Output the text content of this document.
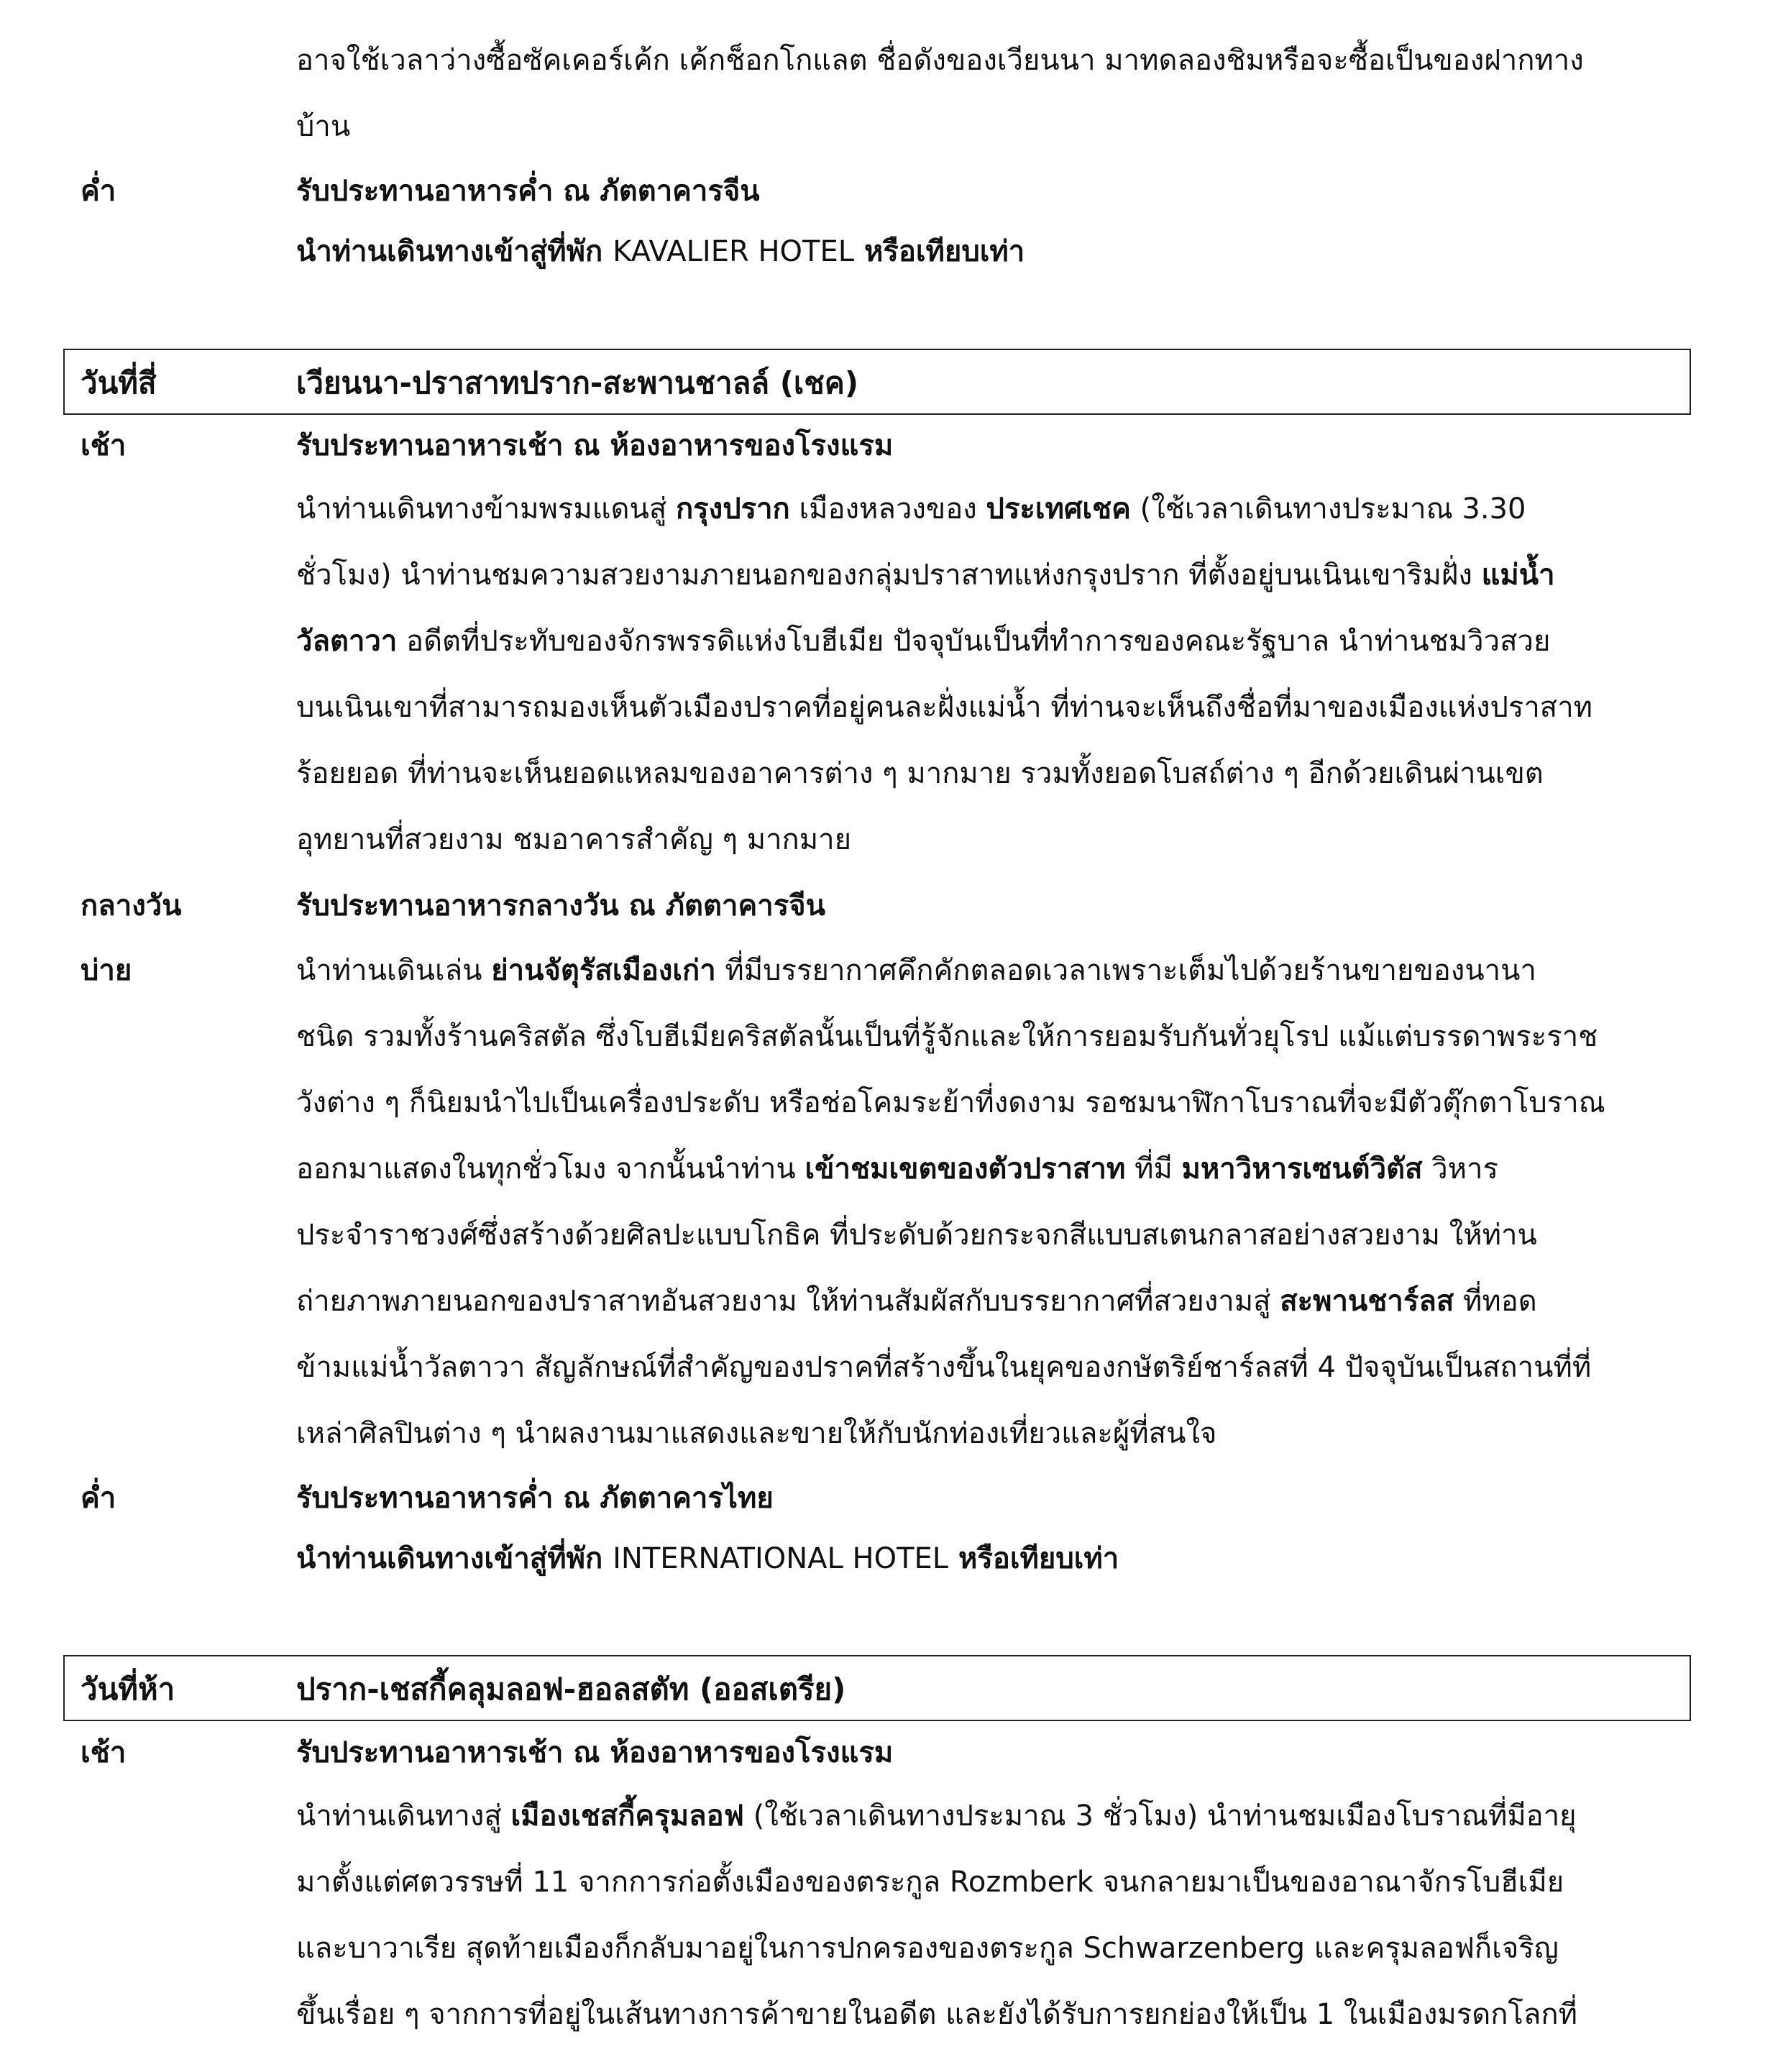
อาจใช้เวลาว่างซื้อซัคเคอร์เค้ก เค้กช็อกโกแลต ชื่อดังของเวียนนา มาทดลองชิมหรือจะซื้อเป็นของฝากทาง
บ้าน
ค่ำ	รับประทานอาหารค่ำ ณ ภัตตาคารจีน
นำท่านเดินทางเข้าสู่ที่พัก KAVALIER HOTEL หรือเทียบเท่า
วันที่สี่	เวียนนา-ปราสาทปราก-สะพานชาลล์ (เชค)
เช้า	รับประทานอาหารเช้า ณ ห้องอาหารของโรงแรม
นำท่านเดินทางข้ามพรมแดนสู่ กรุงปราก เมืองหลวงของ ประเทศเชค (ใช้เวลาเดินทางประมาณ 3.30
ชั่วโมง) นำท่านชมความสวยงามภายนอกของกลุ่มปราสาทแห่งกรุงปราก ที่ตั้งอยู่บนเนินเขาริมฝั่ง แม่น้ำ
วัลตาวา อดีตที่ประทับของจักรพรรดิแห่งโบฮีเมีย ปัจจุบันเป็นที่ทำการของคณะรัฐบาล นำท่านชมวิวสวย
บนเนินเขาที่สามารถมองเห็นตัวเมืองปราคที่อยู่คนละฝั่งแม่น้ำ ที่ท่านจะเห็นถึงชื่อที่มาของเมืองแห่งปราสาท
ร้อยยอด ที่ท่านจะเห็นยอดแหลมของอาคารต่าง ๆ มากมาย รวมทั้งยอดโบสถ์ต่าง ๆ อีกด้วยเดินผ่านเขต
อุทยานที่สวยงาม ชมอาคารสำคัญ ๆ มากมาย
กลางวัน	รับประทานอาหารกลางวัน ณ ภัตตาคารจีน
บ่าย	นำท่านเดินเล่น ย่านจัตุรัสเมืองเก่า ที่มีบรรยากาศคึกคักตลอดเวลาเพราะเต็มไปด้วยร้านขายของนานา
ชนิด รวมทั้งร้านคริสตัล ซึ่งโบฮีเมียคริสตัลนั้นเป็นที่รู้จักและให้การยอมรับกันทั่วยุโรป แม้แต่บรรดาพระราช
วังต่าง ๆ ก็นิยมนำไปเป็นเครื่องประดับ หรือช่อโคมระย้าที่งดงาม รอชมนาฬิกาโบราณที่จะมีตัวตุ๊กตาโบราณ
ออกมาแสดงในทุกชั่วโมง จากนั้นนำท่าน เข้าชมเขตของตัวปราสาท ที่มี มหาวิหารเซนต์วิตัส วิหาร
ประจำราชวงศ์ซึ่งสร้างด้วยศิลปะแบบโกธิค ที่ประดับด้วยกระจกสีแบบสเตนกลาสอย่างสวยงาม ให้ท่าน
ถ่ายภาพภายนอกของปราสาทอันสวยงาม ให้ท่านสัมผัสกับบรรยากาศที่สวยงามสู่ สะพานชาร์ลส ที่ทอด
ข้ามแม่น้ำวัลตาวา สัญลักษณ์ที่สำคัญของปราคที่สร้างขึ้นในยุคของกษัตริย์ชาร์ลสที่ 4 ปัจจุบันเป็นสถานที่ที่
เหล่าศิลปินต่าง ๆ นำผลงานมาแสดงและขายให้กับนักท่องเที่ยวและผู้ที่สนใจ
ค่ำ	รับประทานอาหารค่ำ ณ ภัตตาคารไทย
นำท่านเดินทางเข้าสู่ที่พัก INTERNATIONAL HOTEL หรือเทียบเท่า
วันที่ห้า	ปราก-เชสกี้คลุมลอฟ-ฮอลสตัท (ออสเตรีย)
เช้า	รับประทานอาหารเช้า ณ ห้องอาหารของโรงแรม
นำท่านเดินทางสู่ เมืองเชสกี้ครุมลอฟ (ใช้เวลาเดินทางประมาณ 3 ชั่วโมง) นำท่านชมเมืองโบราณที่มีอายุ
มาตั้งแต่ศตวรรษที่ 11 จากการก่อตั้งเมืองของตระกูล Rozmberk จนกลายมาเป็นของอาณาจักรโบฮีเมีย
และบาวาเรีย สุดท้ายเมืองก็กลับมาอยู่ในการปกครองของตระกูล Schwarzenberg และครุมลอฟก็เจริญ
ขึ้นเรื่อย ๆ จากการที่อยู่ในเส้นทางการค้าขายในอดีต และยังได้รับการยกย่องให้เป็น 1 ในเมืองมรดกโลกที่
